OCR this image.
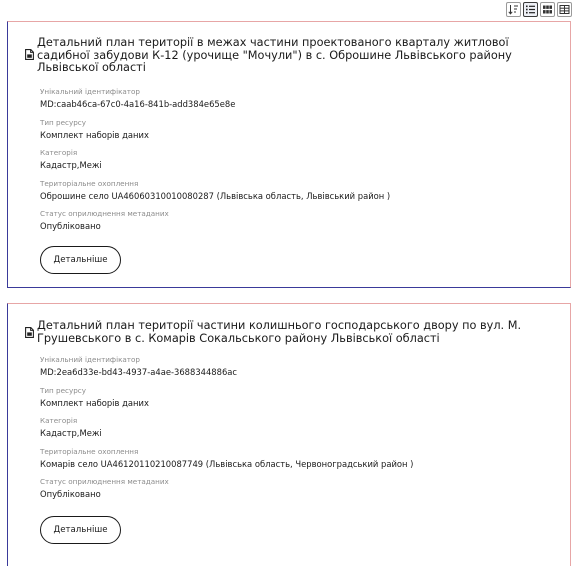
Детальний план території в межах частини проектованого кварталу житлової садибної забудови К-12 (урочище "Мочули") в с. Оброшине Львівського району Львівської області
Унікальний ідентифікатор
MD:caab46ca-67c0-4a16-841b-add384e65e8e
Тип ресурсу
Комплект наборів даних
Категорія
Кадастр,Межі
Територіальне охоплення
Оброшине село UA46060310010080287 (Львівська область, Львівський район )
Статус оприлюднення метаданих
Опубліковано
Детальніше
Детальний план території частини колишнього господарського двору по вул. М. Грушевського в с. Комарів Сокальського району Львівської області
Унікальний ідентифікатор
MD:2ea6d33e-bd43-4937-a4ae-3688344886ac
Тип ресурсу
Комплект наборів даних
Категорія
Кадастр,Межі
Територіальне охоплення
Комарів село UA46120110210087749 (Львівська область, Червоноградський район )
Статус оприлюднення метаданих
Опубліковано
Детальніше
